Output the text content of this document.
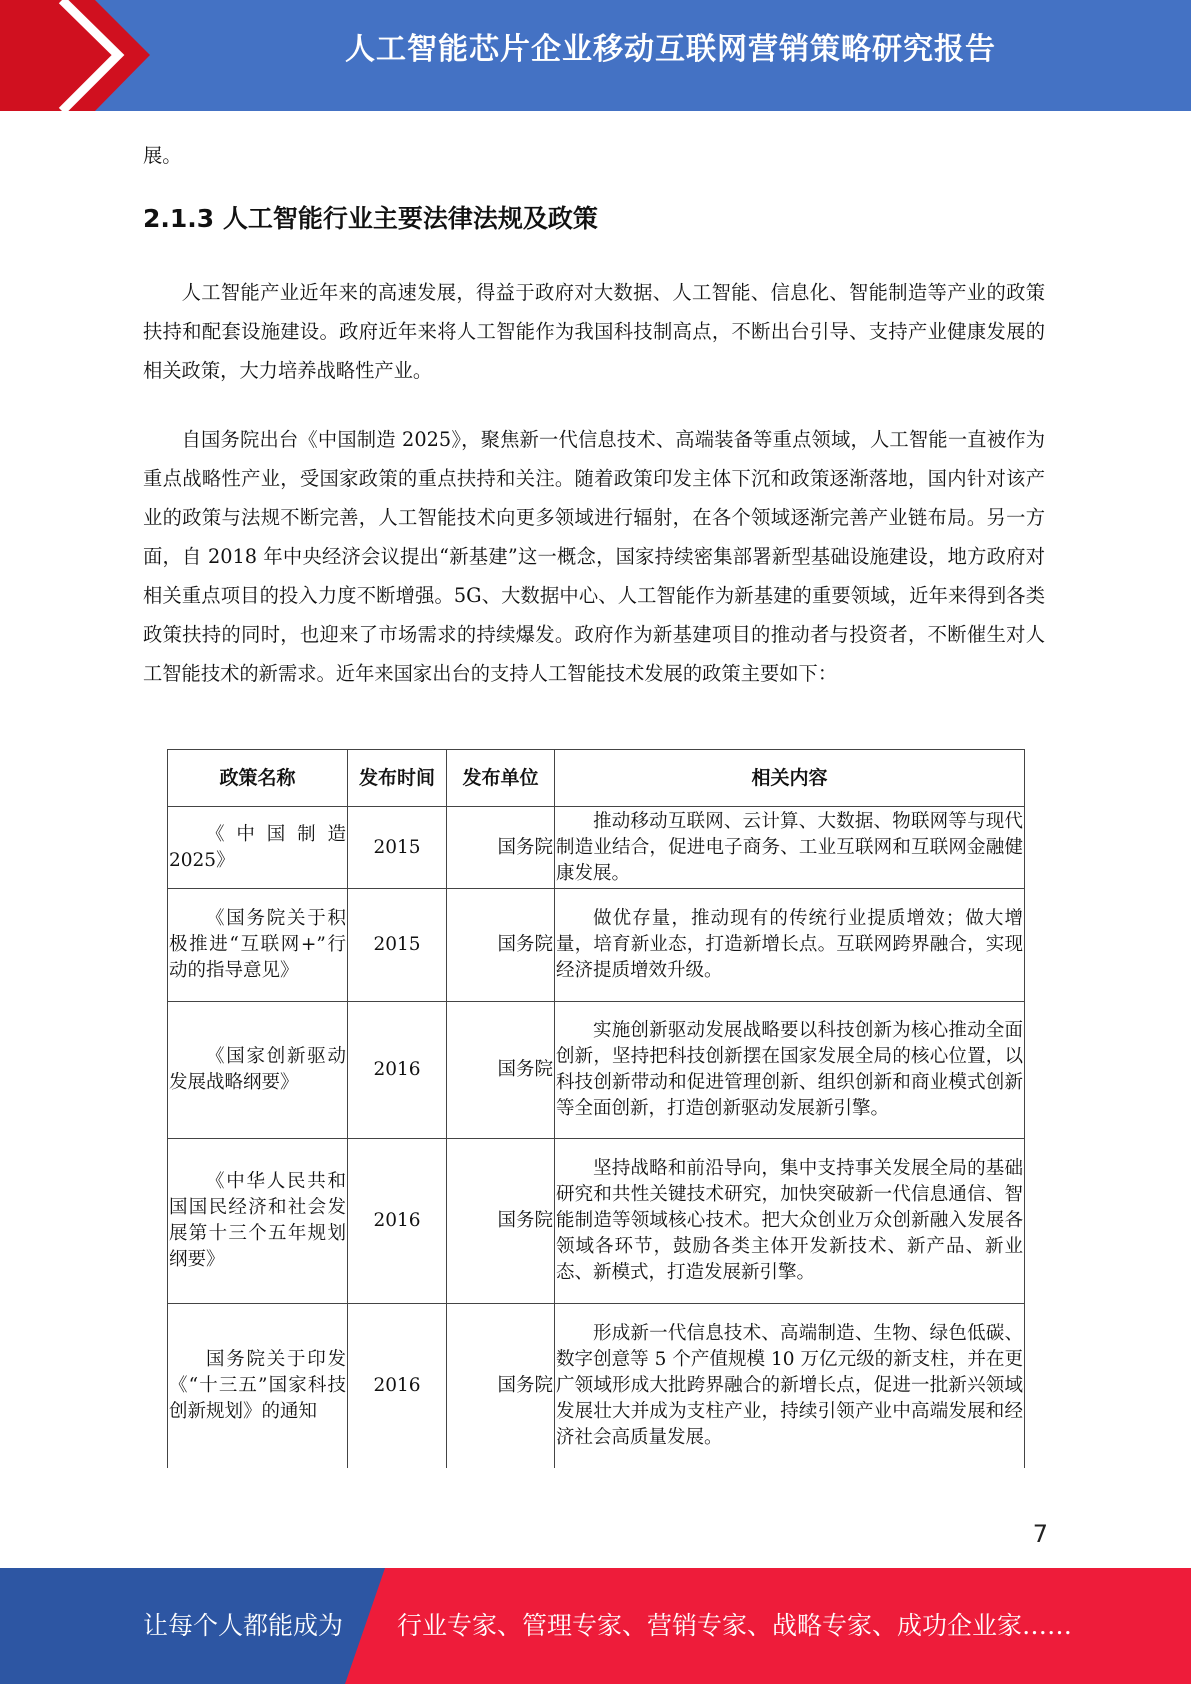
人工智能芯片企业移动互联网营销策略研究报告
展。
2.1.3 人工智能行业主要法律法规及政策

人工智能产业近年来的高速发展，得益于政府对大数据、人工智能、信息化、智能制造等产业的政策扶持和配套设施建设。政府近年来将人工智能作为我国科技制高点，不断出台引导、支持产业健康发展的相关政策，大力培养战略性产业。

自国务院出台《中国制造 2025》，聚焦新一代信息技术、高端装备等重点领域，人工智能一直被作为重点战略性产业，受国家政策的重点扶持和关注。随着政策印发主体下沉和政策逐渐落地，国内针对该产业的政策与法规不断完善，人工智能技术向更多领域进行辐射，在各个领域逐渐完善产业链布局。另一方面，自 2018 年中央经济会议提出“新基建”这一概念，国家持续密集部署新型基础设施建设，地方政府对相关重点项目的投入力度不断增强。5G、大数据中心、人工智能作为新基建的重要领域，近年来得到各类政策扶持的同时，也迎来了市场需求的持续爆发。政府作为新基建项目的推动者与投资者，不断催生对人工智能技术的新需求。近年来国家出台的支持人工智能技术发展的政策主要如下：

政策名称	发布时间	发布单位	相关内容
《中国制造 2025》	2015	国务院	推动移动互联网、云计算、大数据、物联网等与现代制造业结合，促进电子商务、工业互联网和互联网金融健康发展。
《国务院关于积极推进“互联网+”行动的指导意见》	2015	国务院	做优存量，推动现有的传统行业提质增效；做大增量，培育新业态，打造新增长点。互联网跨界融合，实现经济提质增效升级。
《国家创新驱动发展战略纲要》	2016	国务院	实施创新驱动发展战略要以科技创新为核心推动全面创新，坚持把科技创新摆在国家发展全局的核心位置，以科技创新带动和促进管理创新、组织创新和商业模式创新等全面创新，打造创新驱动发展新引擎。
《中华人民共和国国民经济和社会发展第十三个五年规划纲要》	2016	国务院	坚持战略和前沿导向，集中支持事关发展全局的基础研究和共性关键技术研究，加快突破新一代信息通信、智能制造等领域核心技术。把大众创业万众创新融入发展各领域各环节，鼓励各类主体开发新技术、新产品、新业态、新模式，打造发展新引擎。
国务院关于印发《“十三五”国家科技创新规划》的通知	2016	国务院	形成新一代信息技术、高端制造、生物、绿色低碳、数字创意等 5 个产值规模 10 万亿元级的新支柱，并在更广领域形成大批跨界融合的新增长点，促进一批新兴领域发展壮大并成为支柱产业，持续引领产业中高端发展和经济社会高质量发展。
7
让每个人都能成为 行业专家、管理专家、营销专家、战略专家、成功企业家……
